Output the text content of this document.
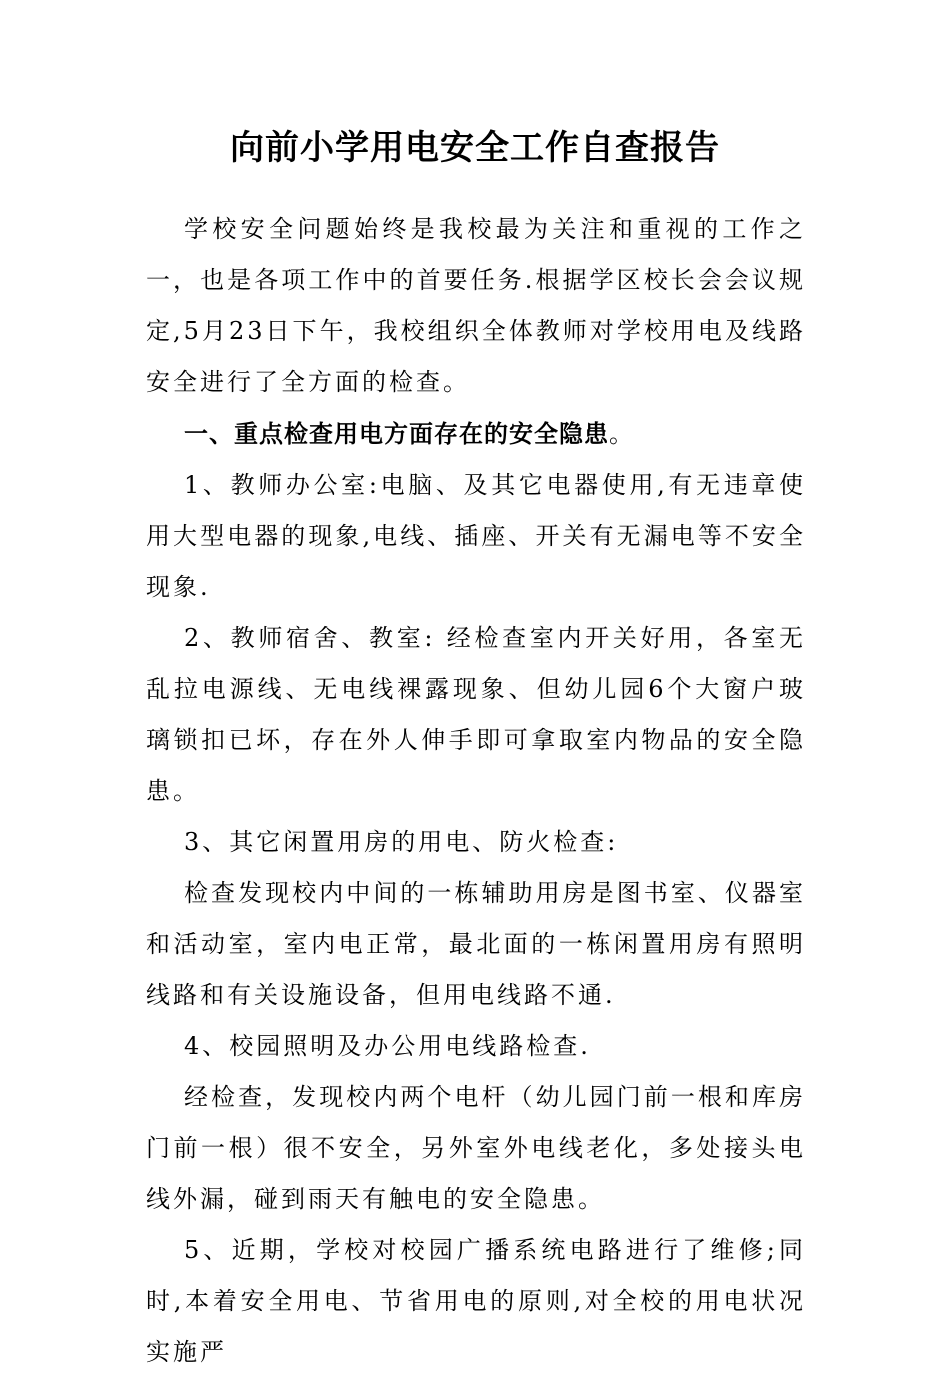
向前小学用电安全工作自查报告

学校安全问题始终是我校最为关注和重视的工作之一，也是各项工作中的首要任务.根据学区校长会会议规定,5月23日下午，我校组织全体教师对学校用电及线路安全进行了全方面的检查。

一、重点检查用电方面存在的安全隐患。

1、教师办公室:电脑、及其它电器使用,有无违章使用大型电器的现象,电线、插座、开关有无漏电等不安全现象.

2、教师宿舍、教室: 经检查室内开关好用，各室无乱拉电源线、无电线裸露现象、但幼儿园6个大窗户玻璃锁扣已坏，存在外人伸手即可拿取室内物品的安全隐患。

3、其它闲置用房的用电、防火检查:

检查发现校内中间的一栋辅助用房是图书室、仪器室和活动室，室内电正常，最北面的一栋闲置用房有照明线路和有关设施设备，但用电线路不通.

4、校园照明及办公用电线路检查.

经检查，发现校内两个电杆（幼儿园门前一根和库房门前一根）很不安全，另外室外电线老化，多处接头电线外漏，碰到雨天有触电的安全隐患。

5、近期，学校对校园广播系统电路进行了维修;同时,本着安全用电、节省用电的原则,对全校的用电状况实施严
